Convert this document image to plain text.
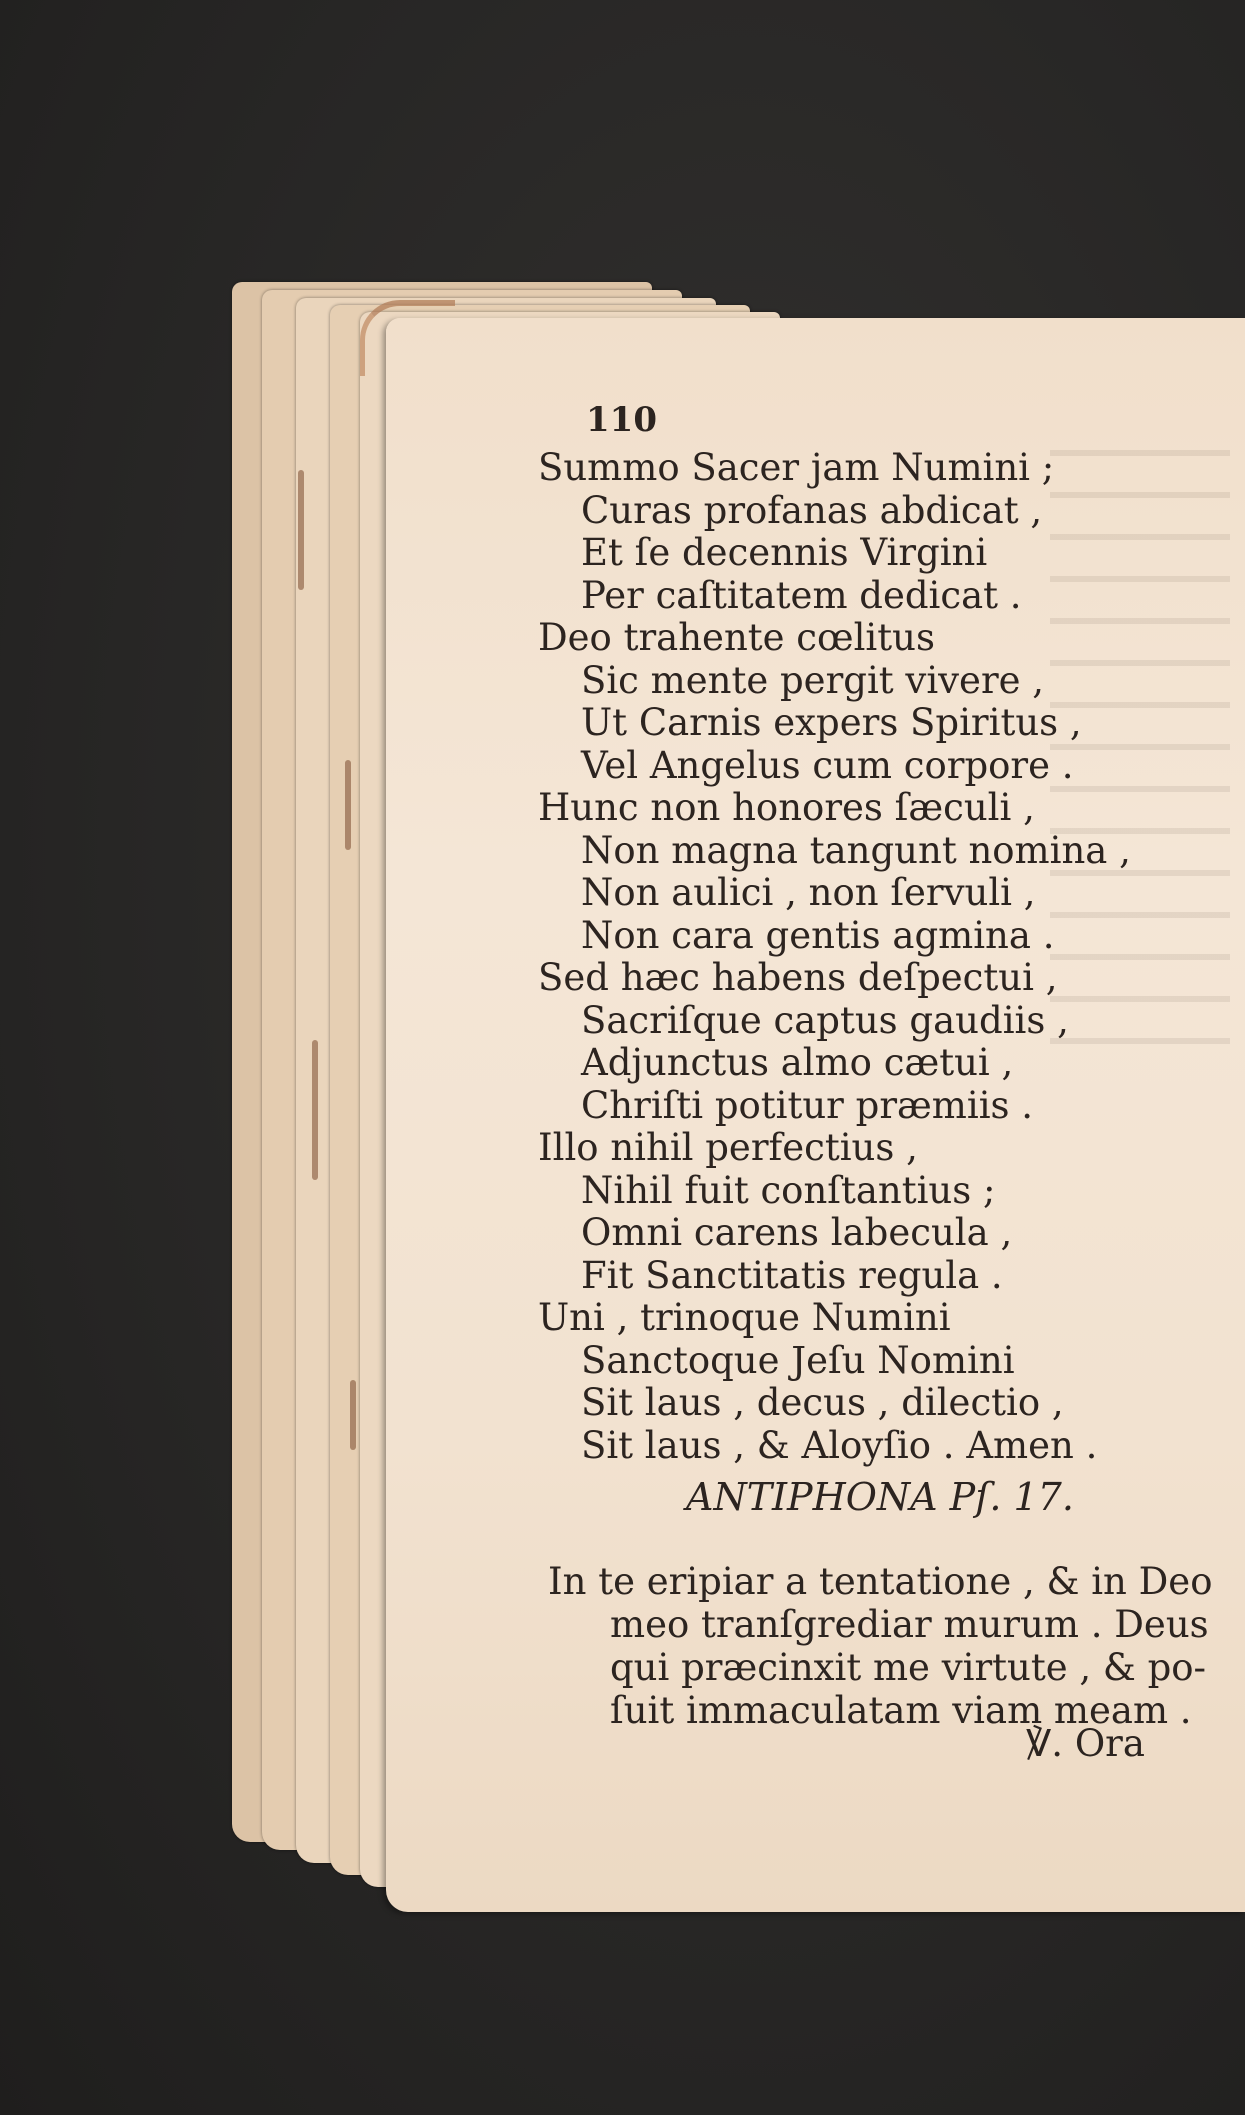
110
Summo Sacer jam Numini ;
Curas profanas abdicat ,
Et ſe decennis Virgini
Per caſtitatem dedicat .
Deo trahente cœlitus
Sic mente pergit vivere ,
Ut Carnis expers Spiritus ,
Vel Angelus cum corpore .
Hunc non honores ſæculi ,
Non magna tangunt nomina ,
Non aulici , non ſervuli ,
Non cara gentis agmina .
Sed hæc habens deſpectui ,
Sacriſque captus gaudiis ,
Adjunctus almo cætui ,
Chriſti potitur præmiis .
Illo nihil perfectius ,
Nihil fuit conſtantius ;
Omni carens labecula ,
Fit Sanctitatis regula .
Uni , trinoque Numini
Sanctoque Jeſu Nomini
Sit laus , decus , dilectio ,
Sit laus , & Aloyſio . Amen .
ANTIPHONA Pſ. 17.
In te eripiar a tentatione , & in Deo
meo tranſgrediar murum . Deus
qui præcinxit me virtute , & po-
ſuit immaculatam viam meam .
℣. Ora
